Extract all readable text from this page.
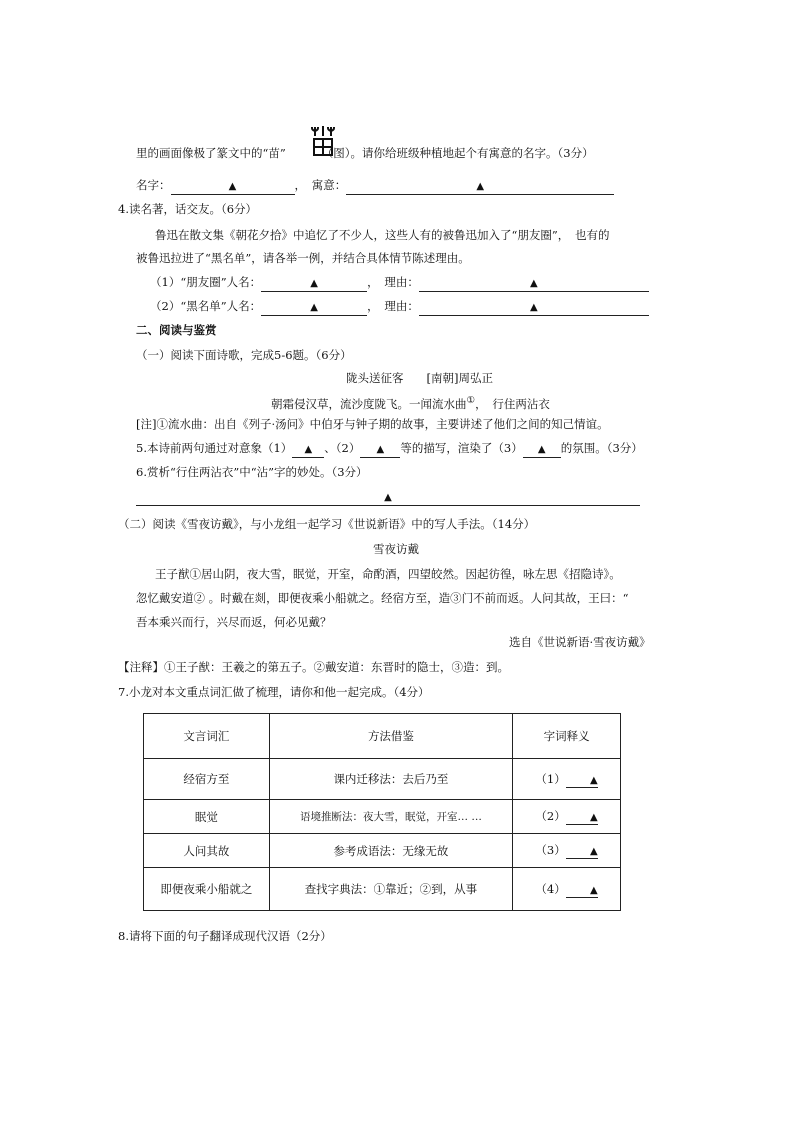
里的画面像极了篆文中的“苗”	（图）。请你给班级种植地起个有寓意的名字。（3分）
名字：	▲	，　寓意：	▲
4.读名著，话交友。（6分）
鲁迅在散文集《朝花夕拾》中追忆了不少人，这些人有的被鲁迅加入了“朋友圈”，　也有的
被鲁迅拉进了“黑名单”，请各举一例，并结合具体情节陈述理由。
（1）“朋友圈”人名：	▲	，　理由：	▲
（2）“黑名单”人名：	▲	，　理由：	▲
二、阅读与鉴赏
（一）阅读下面诗歌，完成5-6题。（6分）
陇头送征客　　[南朝]周弘正
朝霜侵汉草，流沙度陇飞。一闻流水曲①，　行住两沾衣
[注]①流水曲：出自《列子·汤问》中伯牙与钟子期的故事，主要讲述了他们之间的知己情谊。
5.本诗前两句通过对意象（1） ▲ 、（2） ▲ 等的描写，渲染了（3） ▲ 的氛围。（3分）
6.赏析“行住两沾衣”中“沾”字的妙处。（3分）
▲
（二）阅读《雪夜访戴》，与小龙组一起学习《世说新语》中的写人手法。（14分）
雪夜访戴
王子猷①居山阴，夜大雪，眠觉，开室，命酌酒，四望皎然。因起彷徨，咏左思《招隐诗》。
忽忆戴安道② 。时戴在剡，即便夜乘小船就之。经宿方至，造③门不前而返。人问其故，王曰：“
吾本乘兴而行，兴尽而返，何必见戴？
选自《世说新语·雪夜访戴》
【注释】①王子猷：王羲之的第五子。②戴安道：东晋时的隐士，③造：到。
7.小龙对本文重点词汇做了梳理，请你和他一起完成。（4分）
文言词汇	方法借鉴	字词释义
经宿方至	课内迁移法：去后乃至	（1） ▲
眠觉	语境推断法：夜大雪，眠觉，开室… …	（2） ▲
人问其故	参考成语法：无缘无故	（3） ▲
即便夜乘小船就之	查找字典法：①靠近；②到，从事	（4） ▲
8.请将下面的句子翻译成现代汉语（2分）
